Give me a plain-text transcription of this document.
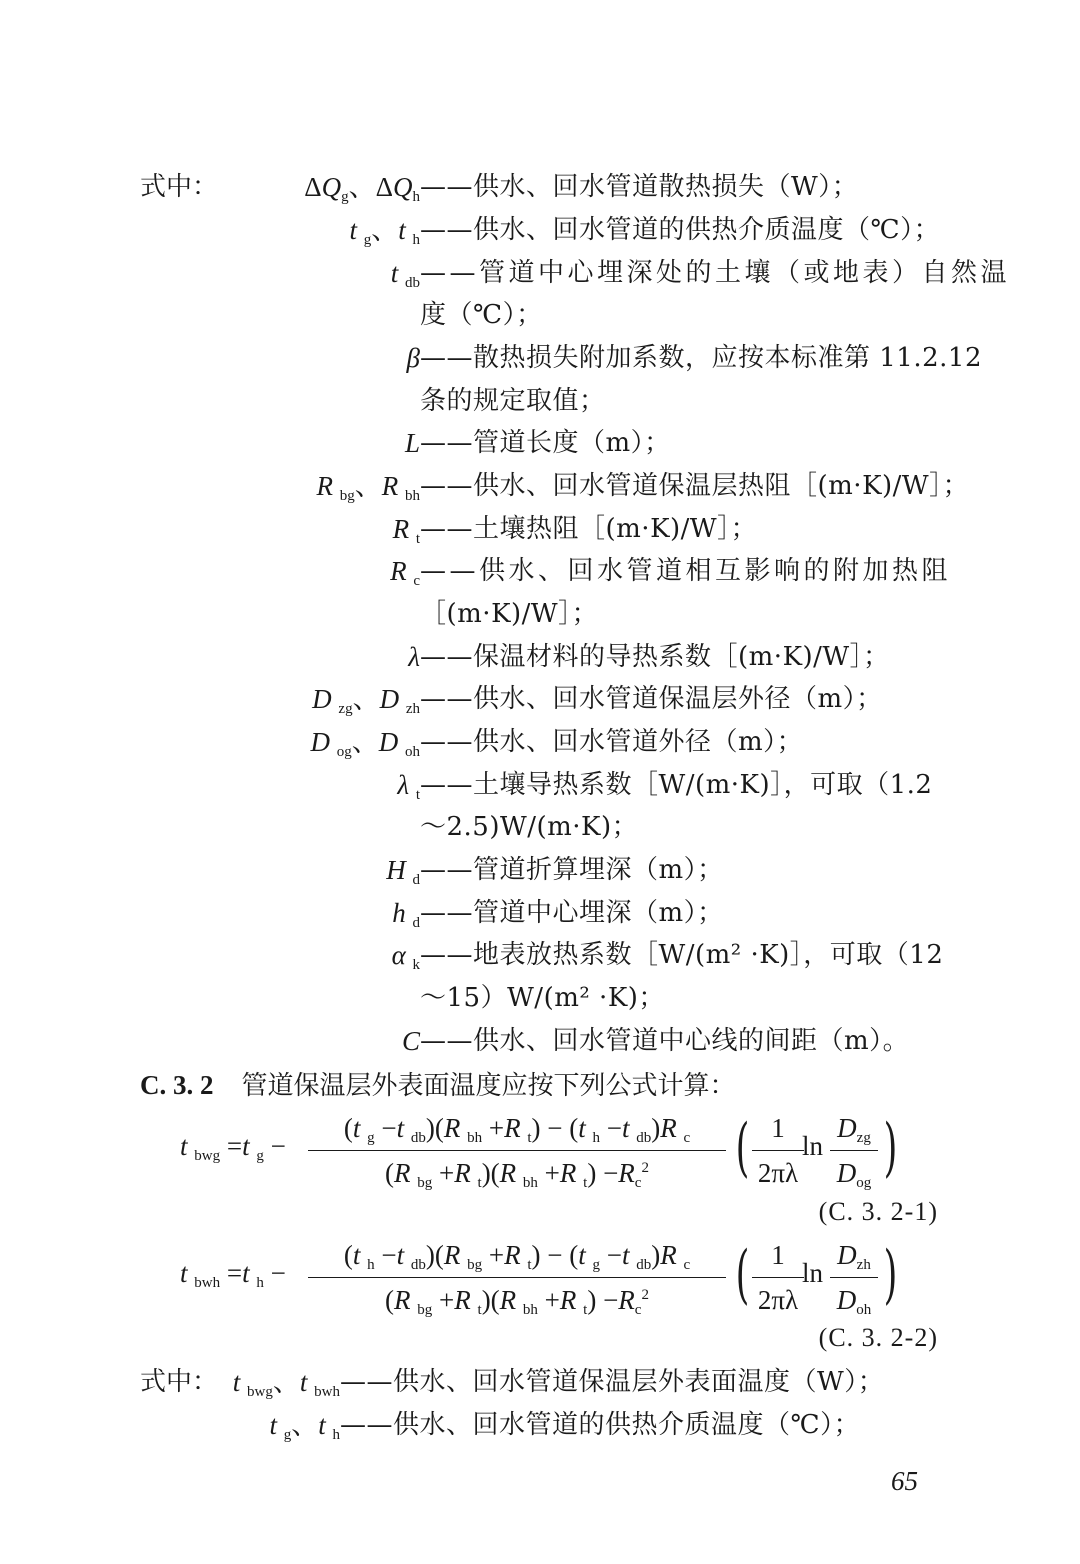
式中：	$\Delta Q_g$、$\Delta Q_h$ ——供水、回水管道散热损失（W）；
t $_g$、t $_h$ ——供水、回水管道的供热介质温度（℃）；
t $_{db}$ ——管道中心埋深处的土壤（或地表）自然温
度（℃）；
β ——散热损失附加系数，应按本标准第 11.2.12
条的规定取值；
L ——管道长度（m）；
R $_{bg}$、R $_{bh}$ ——供水、回水管道保温层热阻［(m·K)/W］；
R $_t$ ——土壤热阻［(m·K)/W］；
R $_c$ ——供水、回水管道相互影响的附加热阻
［(m·K)/W］；
λ ——保温材料的导热系数［(m·K)/W］；
D $_{zg}$、D $_{zh}$ ——供水、回水管道保温层外径（m）；
D $_{og}$、D $_{oh}$ ——供水、回水管道外径（m）；
λ $_t$ ——土壤导热系数［W/(m·K)］，可取（1.2
～2.5)W/(m·K)；
H $_d$ ——管道折算埋深（m）；
h $_d$ ——管道中心埋深（m）；
α $_k$ ——地表放热系数［W/(m² ·K)］，可取（12
～15）W/(m² ·K)；
C ——供水、回水管道中心线的间距（m）。
C. 3. 2 管道保温层外表面温度应按下列公式计算：
t $_{bwg}$ =t $_g$ −
(t $_g$ −t $_{db}$)(R $_{bh}$ +R $_t$) − (t $_h$ −t $_{db}$)R $_c$
(R $_{bg}$ +R $_t$)(R $_{bh}$ +R $_t) -R_c^2$	( 1
2πλ
ln
$D_{zg}$
$D_{og}$ )
(C. 3. 2-1)
t $_{bwh}$ =t $_h$ −
(t $_h$ −t $_{db}$)(R $_{bg}$ +R $_t$) − (t $_g$ −t $_{db}$)R $_c$
(R $_{bg}$ +R $_t$)(R $_{bh}$ +R $_t) -R_c^2$	( 1
2πλ
ln
$D_{zh}$
$D_{oh}$ )
(C. 3. 2-2)
式中： t $_{bwg}$、t $_{bwh}$ ——供水、回水管道保温层外表面温度（W）；
t $_g$、t $_h$ ——供水、回水管道的供热介质温度（℃）；
65
